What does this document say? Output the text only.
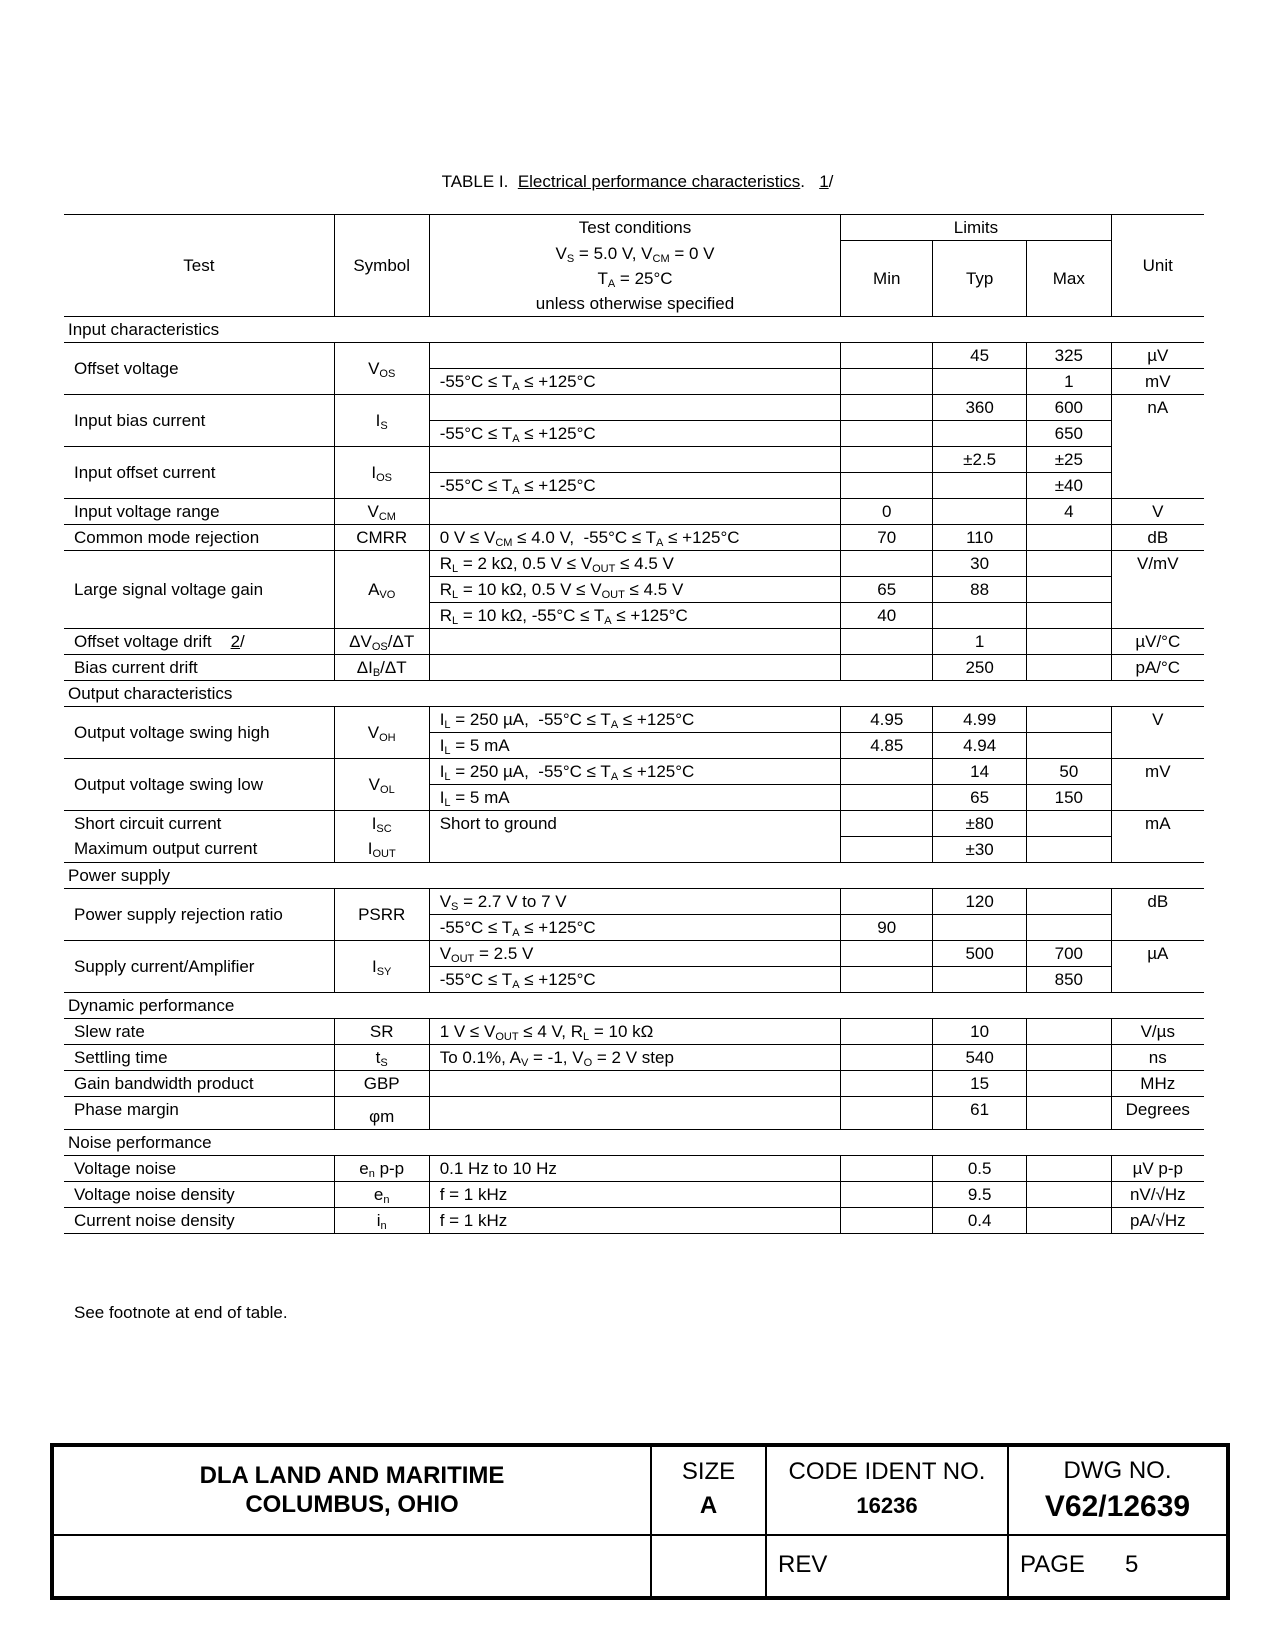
TABLE I. Electrical performance characteristics. 1/
Test	Symbol	Test conditions	Limits			Unit
		$V_S = 5.0$ V, $V_{CM} = 0$ V	Min	Typ	Max	
		$T_A = 25^\circ C$				
		unless otherwise specified				
Input characteristics						
Offset voltage	$V_{OS}$			45	325	µV
		$-55^\circ C \le T_A \le +125^\circ C$			1	mV
Input bias current	$I_S$			360	600	nA
		$-55^\circ C \le T_A \le +125^\circ C$			650	
Input offset current	$I_{OS}$			±2.5	±25	
		$-55^\circ C \le T_A \le +125^\circ C$			±40	
Input voltage range	$V_{CM}$		0		4	V
Common mode rejection	CMRR	0 $V \le V_{CM} \le 4.0$ V,  $-55^\circ C \le T_A \le +125^\circ C$	70	110		dB
Large signal voltage gain	$A_{VO}$	$R_L = 2$ kΩ, 0.5 $V \le V_{OUT} \le 4.5$ V		30		V/mV
		$R_L = 10$ kΩ, 0.5 $V \le V_{OUT} \le 4.5$ V	65	88		
		$R_L = 10$ kΩ, $-55^\circ C \le T_A \le +125^\circ C$	40			
Offset voltage drift 2/	$\Delta V_{OS}/\Delta T$			1		µV/°C
Bias current drift	$\Delta I_B/\Delta T$			250		pA/°C
Output characteristics						
Output voltage swing high	$V_{OH}$	$I_L = 250$ µA,  $-55^\circ C \le T_A \le +125^\circ C$	4.95	4.99		V
		$I_L = 5$ mA	4.85	4.94		
Output voltage swing low	$V_{OL}$	$I_L = 250$ µA,  $-55^\circ C \le T_A \le +125^\circ C$		14	50	mV
		$I_L = 5$ mA		65	150	
Short circuit current	$I_{SC}$	Short to ground		±80		mA
Maximum output current	$I_{OUT}$			±30		
Power supply						
Power supply rejection ratio	PSRR	$V_S = 2.7$ V to 7 V		120		dB
		$-55^\circ C \le T_A \le +125^\circ C$	90			
Supply current/Amplifier	$I_{SY}$	$V_{OUT} = 2.5$ V		500	700	µA
		$-55^\circ C \le T_A \le +125^\circ C$			850	
Dynamic performance						
Slew rate	SR	1 $V \le V_{OUT} \le 4$ V, $R_L = 10$ kΩ		10		V/µs
Settling time	$t_S$	To 0.1%, $A_V = -1$, $V_O = 2$ V step		540		ns
Gain bandwidth product	GBP			15		MHz
Phase margin	φm			61		Degrees
Noise performance						
Voltage noise	$e_n$ p-p	0.1 Hz to 10 Hz		0.5		µV p-p
Voltage noise density	$e_n$	f = 1 kHz		9.5		nV/√Hz
Current noise density	$i_n$	f = 1 kHz		0.4		pA/√Hz
See footnote at end of table.
DLA LAND AND MARITIME
COLUMBUS, OHIO
SIZE
A
CODE IDENT NO.
16236
DWG NO.
V62/12639
REV	PAGE 5
